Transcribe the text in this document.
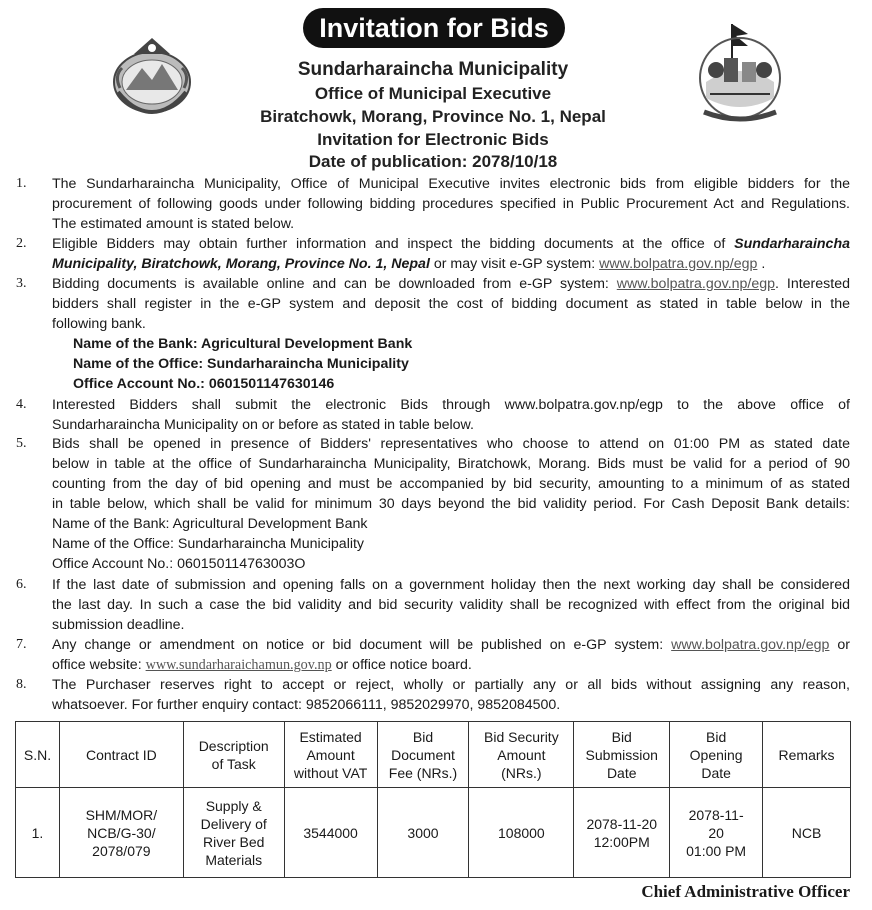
Invitation for Bids
Sundarharaincha Municipality
Office of Municipal Executive
Biratchowk, Morang, Province No. 1, Nepal
Invitation for Electronic Bids
Date of publication: 2078/10/18
1.	The Sundarharaincha Municipality, Office of Municipal Executive invites electronic bids from eligible bidders for the
procurement of following goods under following bidding procedures specified in Public Procurement Act and Regulations.
The estimated amount is stated below.
2.	Eligible Bidders may obtain further information and inspect the bidding documents at the office of Sundarharaincha
Municipality, Biratchowk, Morang, Province No. 1, Nepal or may visit e-GP system: www.bolpatra.gov.np/egp .
3.	Bidding documents is available online and can be downloaded from e-GP system: www.bolpatra.gov.np/egp. Interested
bidders shall register in the e-GP system and deposit the cost of bidding document as stated in table below in the
following bank.
Name of the Bank: Agricultural Development Bank
Name of the Office: Sundarharaincha Municipality
Office Account No.: 0601501147630146
4.	Interested Bidders shall submit the electronic Bids through www.bolpatra.gov.np/egp to the above office of
Sundarharaincha Municipality on or before as stated in table below.
5.	Bids shall be opened in presence of Bidders' representatives who choose to attend on 01:00 PM as stated date
below in table at the office of Sundarharaincha Municipality, Biratchowk, Morang. Bids must be valid for a period of 90
counting from the day of bid opening and must be accompanied by bid security, amounting to a minimum of as stated
in table below, which shall be valid for minimum 30 days beyond the bid validity period. For Cash Deposit Bank details:
Name of the Bank: Agricultural Development Bank
Name of the Office: Sundarharaincha Municipality
Office Account No.: 060150114763003O
6.	If the last date of submission and opening falls on a government holiday then the next working day shall be considered
the last day. In such a case the bid validity and bid security validity shall be recognized with effect from the original bid
submission deadline.
7.	Any change or amendment on notice or bid document will be published on e-GP system: www.bolpatra.gov.np/egp or
office website: www.sundarharaichamun.gov.np or office notice board.
8.	The Purchaser reserves right to accept or reject, wholly or partially any or all bids without assigning any reason,
whatsoever. For further enquiry contact: 9852066111, 9852029970, 9852084500.
S.N.	Contract ID	Description
of Task	Estimated
Amount
without VAT	Bid
Document
Fee (NRs.)	Bid Security
Amount
(NRs.)	Bid
Submission
Date	Bid
Opening
Date	Remarks
1.	SHM/MOR/
NCB/G-30/
2078/079	Supply &
Delivery of
River Bed
Materials	3544000	3000	108000	2078-11-20
12:00PM	2078-11-
20
01:00 PM	NCB
Chief Administrative Officer
